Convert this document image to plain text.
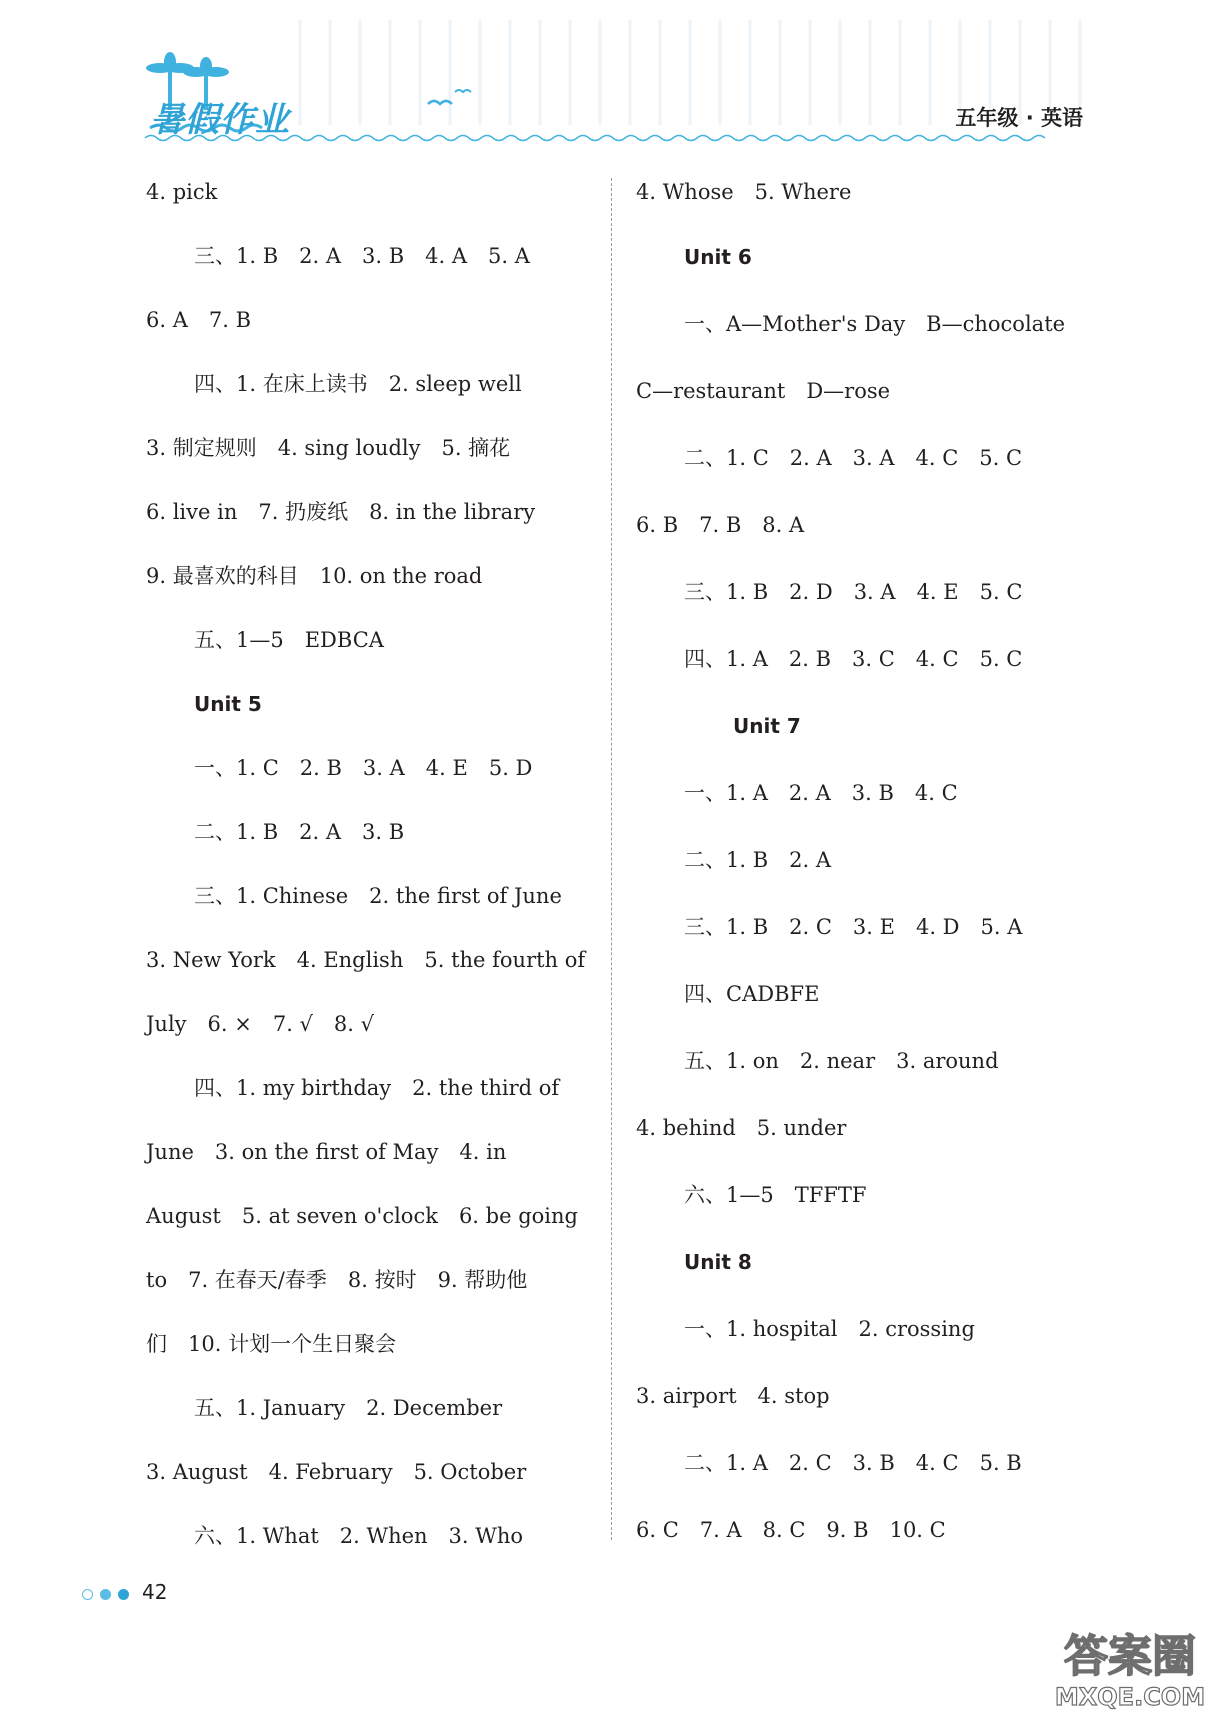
暑假作业	五年级 · 英语
4. pick
三、1. B　2. A　3. B　4. A　5. A
6. A　7. B
四、1. 在床上读书　2. sleep well
3. 制定规则　4. sing loudly　5. 摘花
6. live in　7. 扔废纸　8. in the library
9. 最喜欢的科目　10. on the road
五、1—5　EDBCA
Unit 5
一、1. C　2. B　3. A　4. E　5. D
二、1. B　2. A　3. B
三、1. Chinese　2. the first of June
3. New York　4. English　5. the fourth of
July　6. ×　7. √　8. √
四、1. my birthday　2. the third of
June　3. on the first of May　4. in
August　5. at seven o'clock　6. be going
to　7. 在春天/春季　8. 按时　9. 帮助他
们　10. 计划一个生日聚会
五、1. January　2. December
3. August　4. February　5. October
六、1. What　2. When　3. Who
4. Whose　5. Where
Unit 6
一、A—Mother's Day　B—chocolate
C—restaurant　D—rose
二、1. C　2. A　3. A　4. C　5. C
6. B　7. B　8. A
三、1. B　2. D　3. A　4. E　5. C
四、1. A　2. B　3. C　4. C　5. C
Unit 7
一、1. A　2. A　3. B　4. C
二、1. B　2. A
三、1. B　2. C　3. E　4. D　5. A
四、CADBFE
五、1. on　2. near　3. around
4. behind　5. under
六、1—5　TFFTF
Unit 8
一、1. hospital　2. crossing
3. airport　4. stop
二、1. A　2. C　3. B　4. C　5. B
6. C　7. A　8. C　9. B　10. C
42
答案圈
MXQE.COM
